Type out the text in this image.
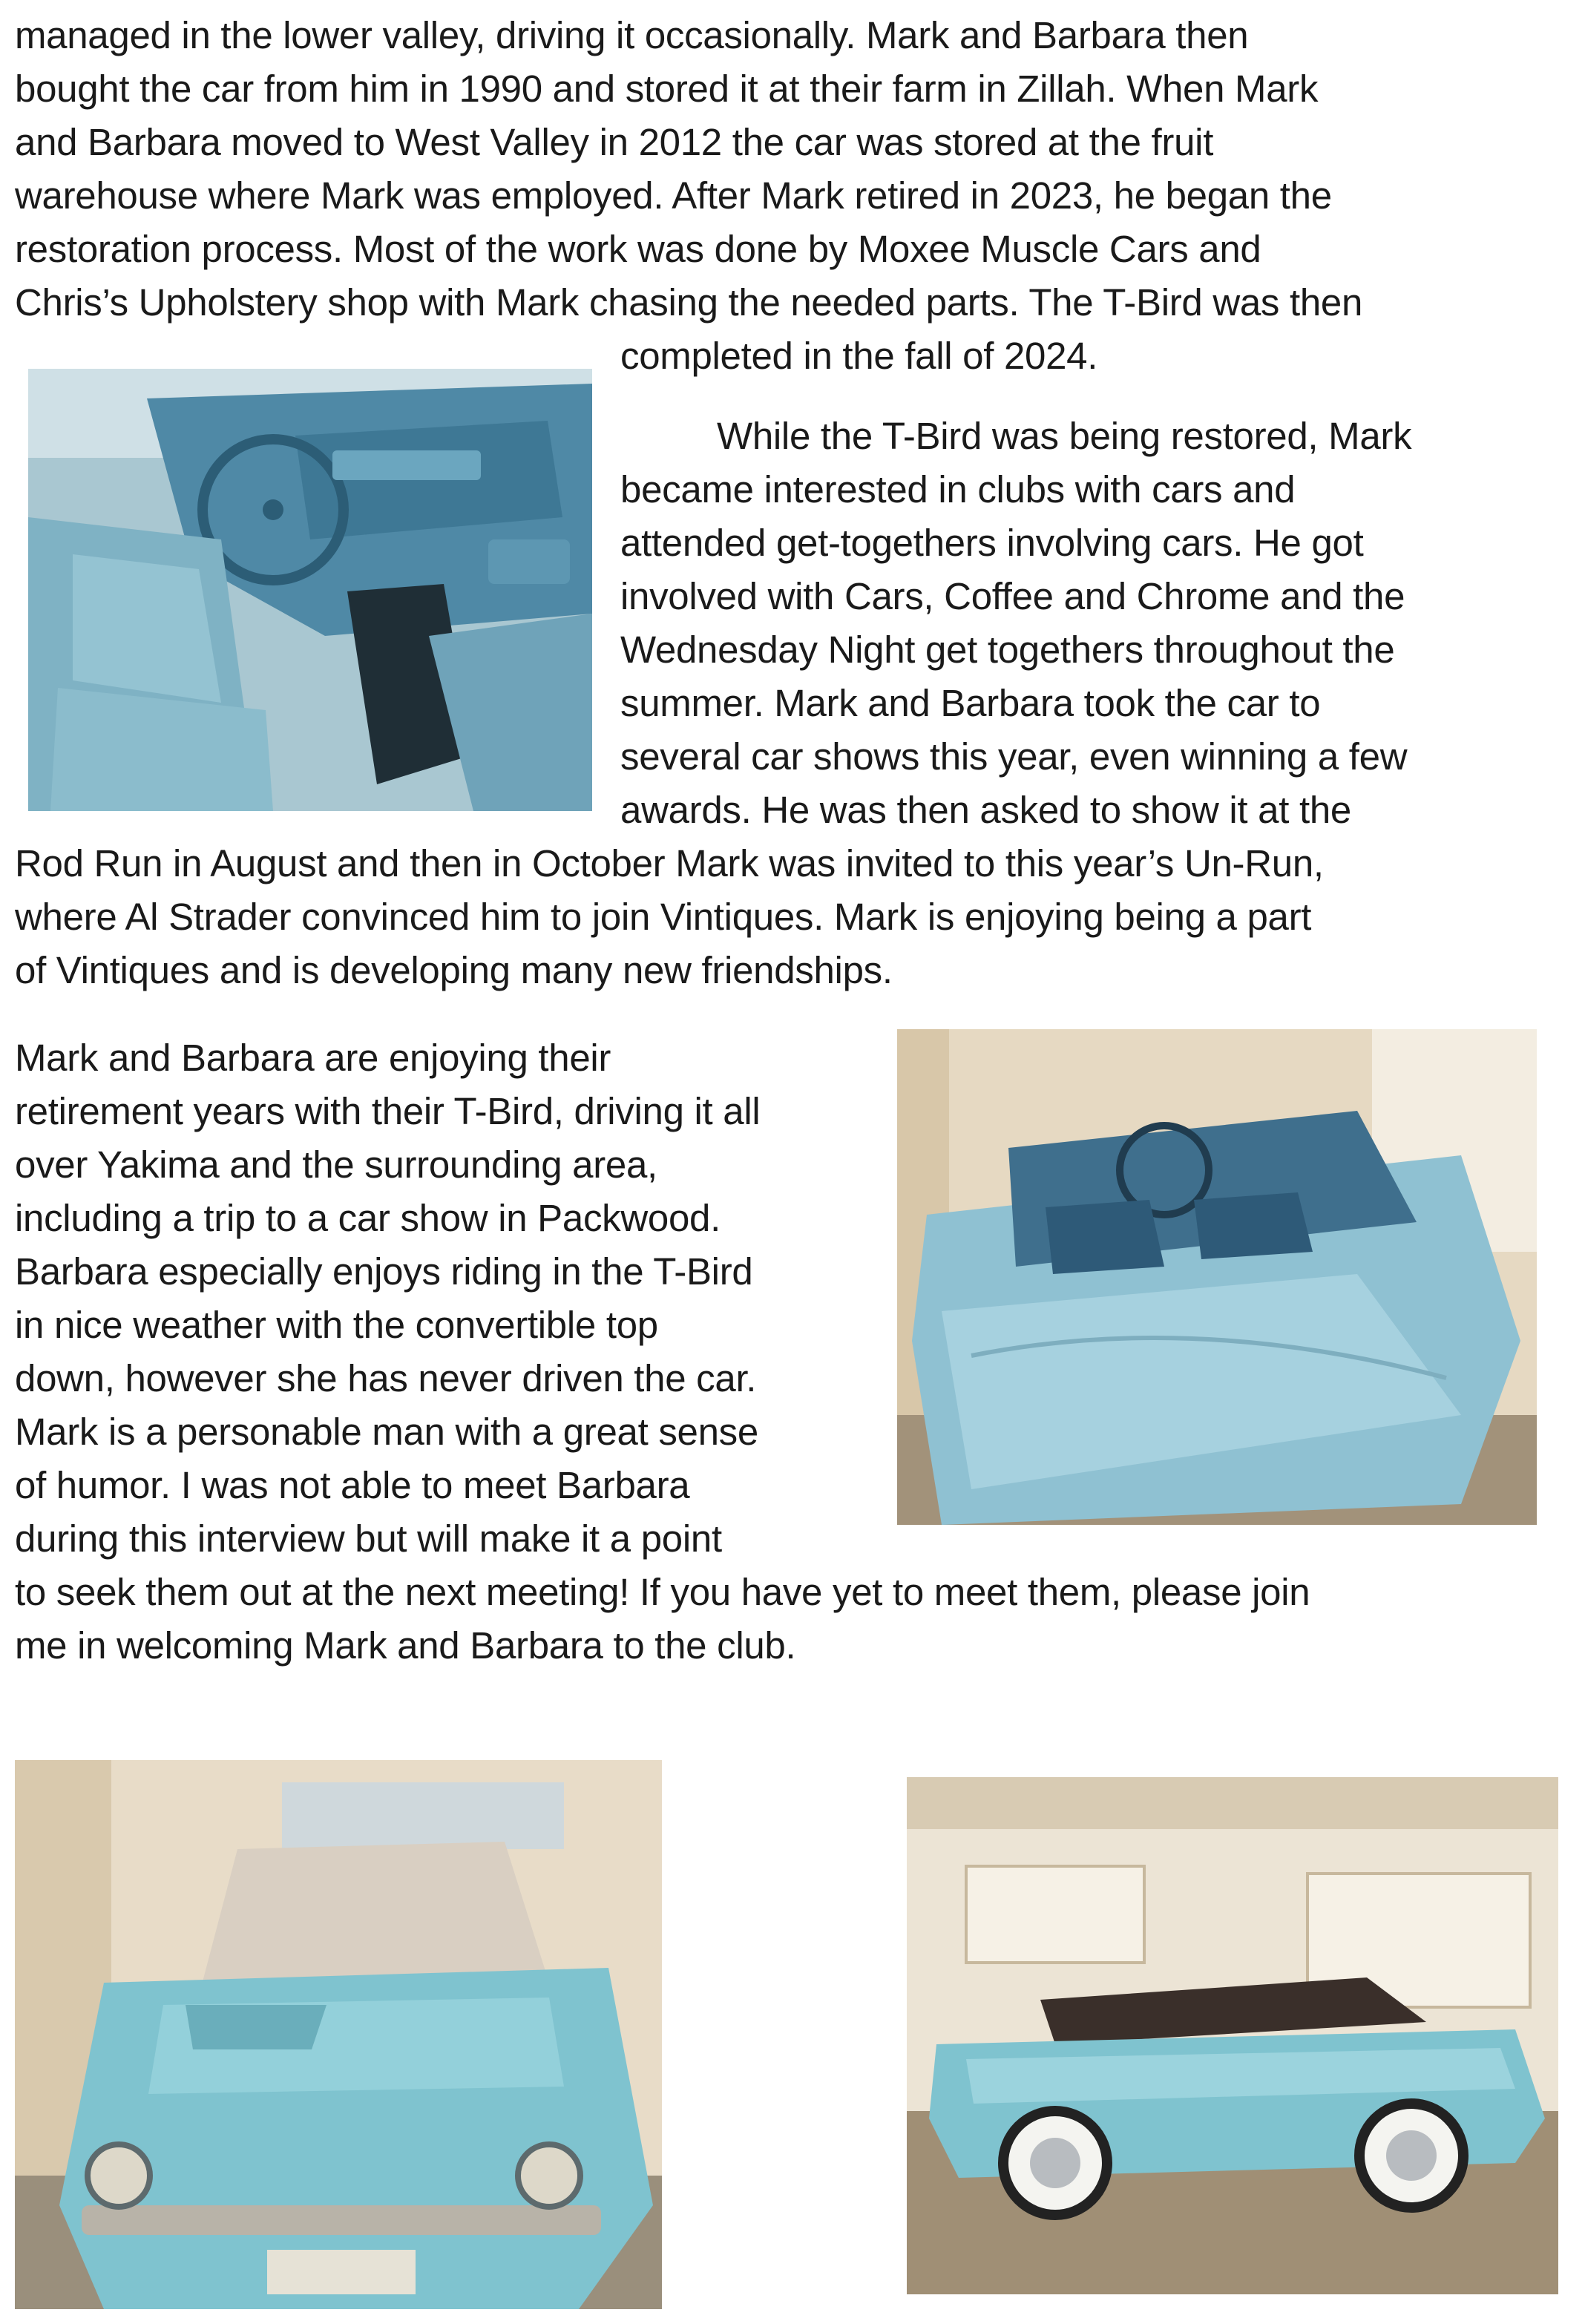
managed in the lower valley, driving it occasionally. Mark and Barbara then

bought the car from him in 1990 and stored it at their farm in Zillah. When Mark

and Barbara moved to West Valley in 2012 the car was stored at the fruit

warehouse where Mark was employed. After Mark retired in 2023, he began the

restoration process. Most of the work was done by Moxee Muscle Cars and

Chris’s Upholstery shop with Mark chasing the needed parts. The T-Bird was then

completed in the fall of 2024.

While the T-Bird was being restored, Mark

became interested in clubs with cars and

attended get-togethers involving cars. He got

involved with Cars, Coffee and Chrome and the

Wednesday Night get togethers throughout the

summer. Mark and Barbara took the car to

several car shows this year, even winning a few

awards. He was then asked to show it at the

Rod Run in August and then in October Mark was invited to this year’s Un-Run,

where Al Strader convinced him to join Vintiques. Mark is enjoying being a part

of Vintiques and is developing many new friendships.

Mark and Barbara are enjoying their

retirement years with their T-Bird, driving it all

over Yakima and the surrounding area,

including a trip to a car show in Packwood.

Barbara especially enjoys riding in the T-Bird

in nice weather with the convertible top

down, however she has never driven the car.

Mark is a personable man with a great sense

of humor. I was not able to meet Barbara

during this interview but will make it a point

to seek them out at the next meeting! If you have yet to meet them, please join

me in welcoming Mark and Barbara to the club.
